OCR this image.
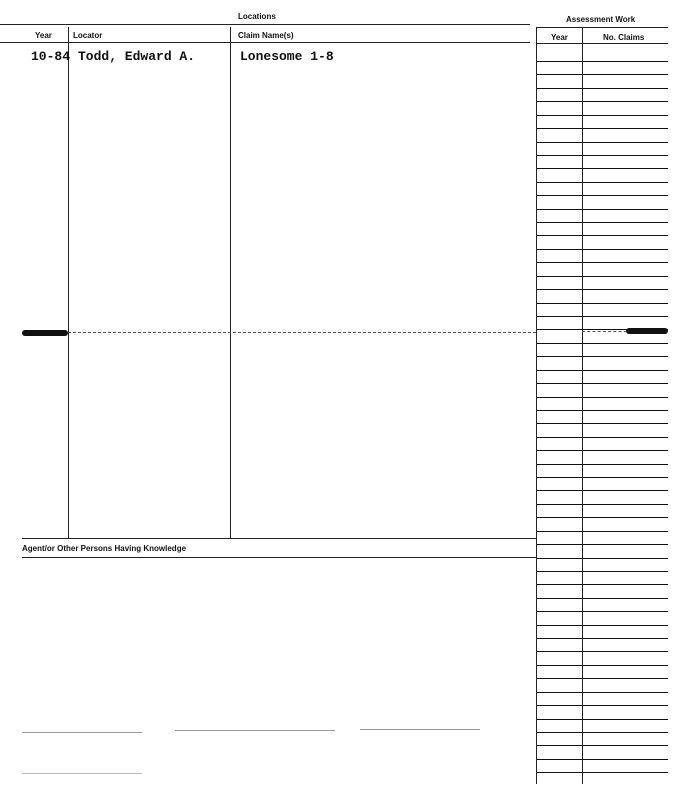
Locations	Assessment Work
Year	Locator	Claim Name(s)	Year	No. Claims
10-84 Todd, Edward A.	Lonesome 1-8
Agent/or Other Persons Having Knowledge
